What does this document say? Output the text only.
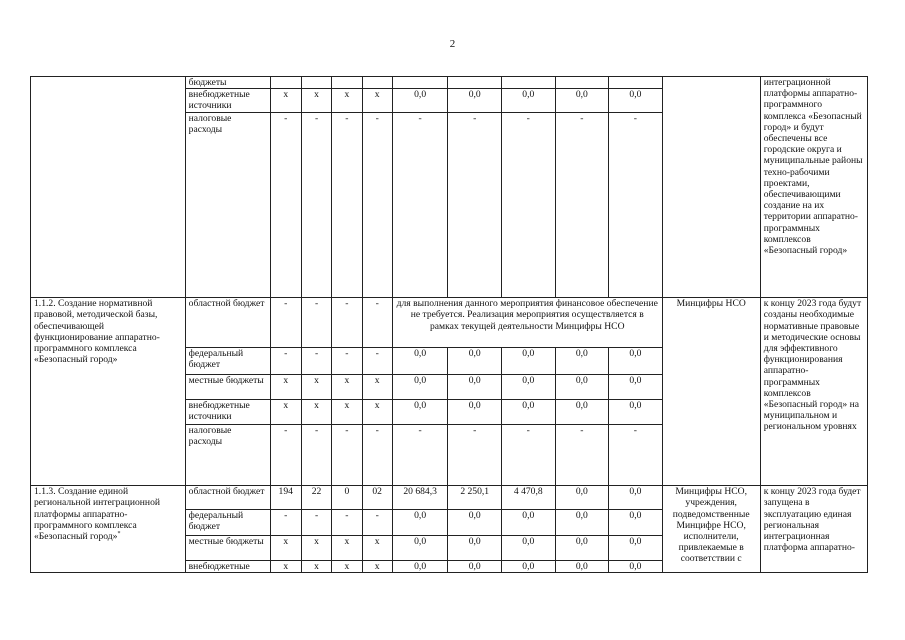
2
	бюджеты											интеграционной платформы аппаратно-программного комплекса «Безопасный город» и будут обеспечены все городские округа и муниципальные районы техно-рабочими проектами, обеспечивающими создание на их территории аппаратно-программных комплексов «Безопасный город»
	внебюджетные источники	x	x	x	x	0,0	0,0	0,0	0,0	0,0		
	налоговые расходы	-	-	-	-	-	-	-	-	-		
1.1.2. Создание нормативной правовой, методической базы, обеспечивающей функционирование аппаратно-программного комплекса «Безопасный город»	областной бюджет	-	-	-	-	для выполнения данного мероприятия финансовое обеспечение не требуется. Реализация мероприятия осуществляется в рамках текущей деятельности Минцифры НСО					Минцифры НСО	к концу 2023 года будут созданы необходимые нормативные правовые и методические основы для эффективного функционирования аппаратно-программных комплексов «Безопасный город» на муниципальном и региональном уровнях
	федеральный бюджет	-	-	-	-	0,0	0,0	0,0	0,0	0,0		
	местные бюджеты	x	x	x	x	0,0	0,0	0,0	0,0	0,0		
	внебюджетные источники	x	x	x	x	0,0	0,0	0,0	0,0	0,0		
	налоговые расходы	-	-	-	-	-	-	-	-	-		
1.1.3. Создание единой региональной интеграционной платформы аппаратно-программного комплекса «Безопасный город»*	областной бюджет	194	22	0	02	20 684,3	2 250,1	4 470,8	0,0	0,0	Минцифры НСО, учреждения, подведомственные Минцифре НСО, исполнители, привлекаемые в соответствии с	к концу 2023 года будет запущена в эксплуатацию единая региональная интеграционная платформа аппаратно-
	федеральный бюджет	-	-	-	-	0,0	0,0	0,0	0,0	0,0		
	местные бюджеты	x	x	x	x	0,0	0,0	0,0	0,0	0,0		
	внебюджетные	x	x	x	x	0,0	0,0	0,0	0,0	0,0		
